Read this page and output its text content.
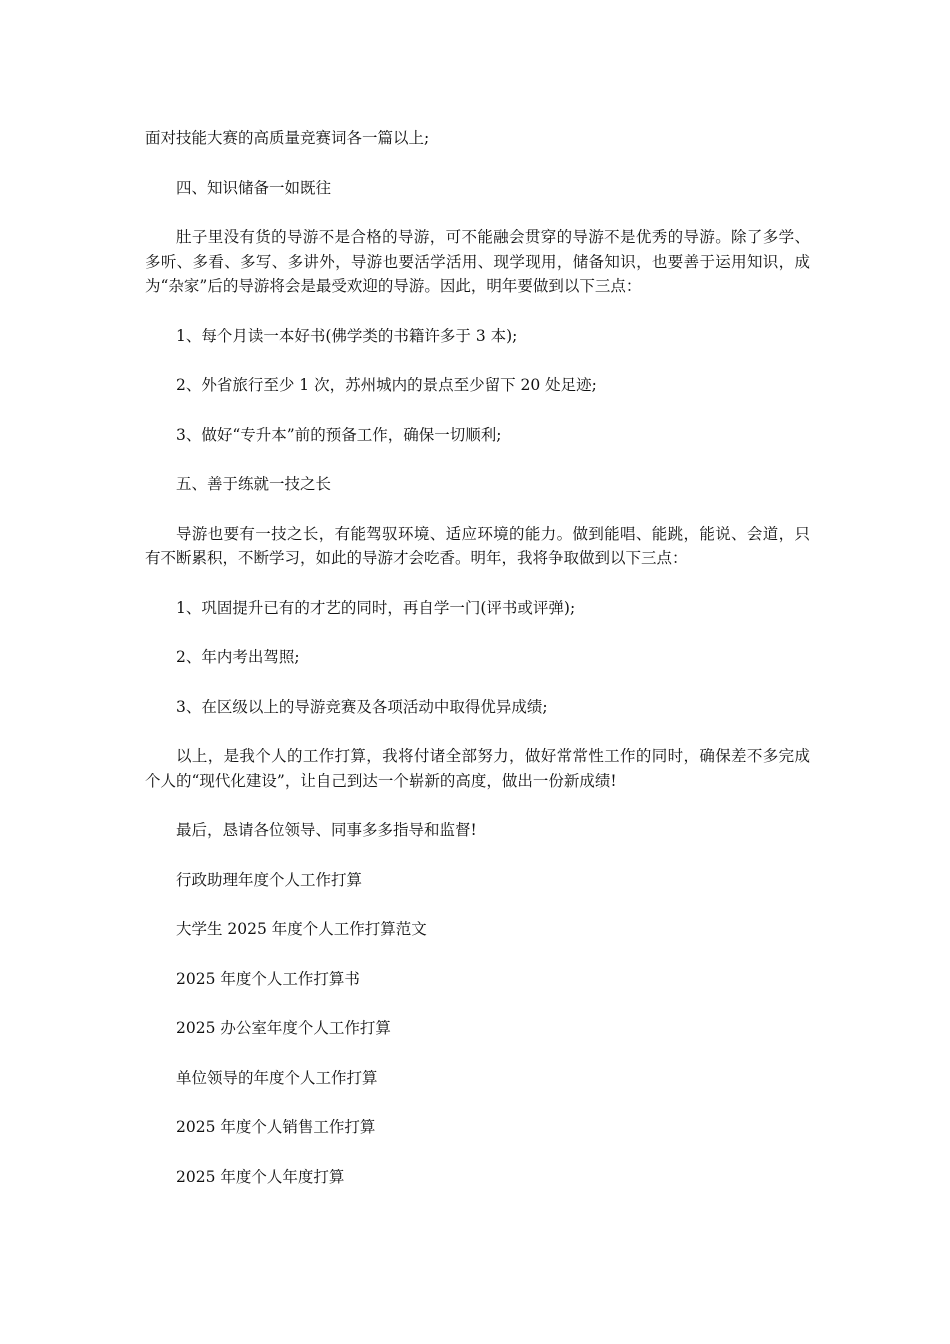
面对技能大赛的高质量竞赛词各一篇以上;

四、知识储备一如既往

肚子里没有货的导游不是合格的导游，可不能融会贯穿的导游不是优秀的导游。除了多学、多听、多看、多写、多讲外，导游也要活学活用、现学现用，储备知识，也要善于运用知识，成为“杂家”后的导游将会是最受欢迎的导游。因此，明年要做到以下三点：

1、每个月读一本好书(佛学类的书籍许多于 3 本);

2、外省旅行至少 1 次，苏州城内的景点至少留下 20 处足迹;

3、做好“专升本”前的预备工作，确保一切顺利;

五、善于练就一技之长

导游也要有一技之长，有能驾驭环境、适应环境的能力。做到能唱、能跳，能说、会道，只有不断累积，不断学习，如此的导游才会吃香。明年，我将争取做到以下三点：

1、巩固提升已有的才艺的同时，再自学一门(评书或评弹);

2、年内考出驾照;

3、在区级以上的导游竞赛及各项活动中取得优异成绩;

以上，是我个人的工作打算，我将付诸全部努力，做好常常性工作的同时，确保差不多完成个人的“现代化建设”，让自己到达一个崭新的高度，做出一份新成绩!

最后，恳请各位领导、同事多多指导和监督!

行政助理年度个人工作打算

大学生 2025 年度个人工作打算范文

2025 年度个人工作打算书

2025 办公室年度个人工作打算

单位领导的年度个人工作打算

2025 年度个人销售工作打算

2025 年度个人年度打算
